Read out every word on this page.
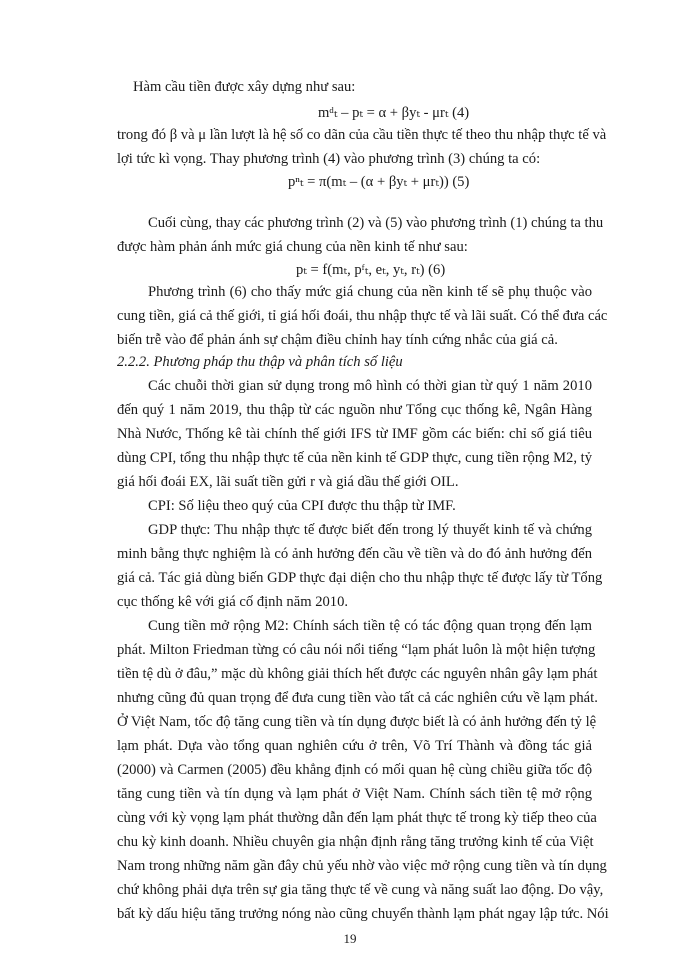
Hàm cầu tiền được xây dựng như sau:
mᵈₜ – pₜ = α + βyₜ - μrₜ (4)
trong đó β và μ lần lượt là hệ số co dãn của cầu tiền thực tế theo thu nhập thực tế và
lợi tức kì vọng. Thay phương trình (4) vào phương trình (3) chúng ta có:
pⁿₜ = π(mₜ – (α + βyₜ + μrₜ)) (5)
Cuối cùng, thay các phương trình (2) và (5) vào phương trình (1) chúng ta thu
được hàm phản ánh mức giá chung của nền kinh tế như sau:
pₜ = f(mₜ, pᶠₜ, eₜ, yₜ, rₜ) (6)
Phương trình (6) cho thấy mức giá chung của nền kinh tế sẽ phụ thuộc vào
cung tiền, giá cả thế giới, tỉ giá hối đoái, thu nhập thực tế và lãi suất. Có thể đưa các
biến trễ vào để phản ánh sự chậm điều chỉnh hay tính cứng nhắc của giá cả.
2.2.2. Phương pháp thu thập và phân tích số liệu
Các chuỗi thời gian sử dụng trong mô hình có thời gian từ quý 1 năm 2010
đến quý 1 năm 2019, thu thập từ các nguồn như Tổng cục thống kê, Ngân Hàng
Nhà Nước, Thống kê tài chính thế giới IFS từ IMF gồm các biến: chỉ số giá tiêu
dùng CPI, tổng thu nhập thực tế của nền kinh tế GDP thực, cung tiền rộng M2, tỷ
giá hối đoái EX, lãi suất tiền gửi r và giá dầu thế giới OIL.
CPI: Số liệu theo quý của CPI được thu thập từ IMF.
GDP thực: Thu nhập thực tế được biết đến trong lý thuyết kinh tế và chứng
minh bằng thực nghiệm là có ảnh hưởng đến cầu về tiền và do đó ảnh hưởng đến
giá cả. Tác giả dùng biến GDP thực đại diện cho thu nhập thực tế được lấy từ Tổng
cục thống kê với giá cố định năm 2010.
Cung tiền mở rộng M2: Chính sách tiền tệ có tác động quan trọng đến lạm
phát. Milton Friedman từng có câu nói nổi tiếng “lạm phát luôn là một hiện tượng
tiền tệ dù ở đâu,” mặc dù không giải thích hết được các nguyên nhân gây lạm phát
nhưng cũng đủ quan trọng để đưa cung tiền vào tất cả các nghiên cứu về lạm phát.
Ở Việt Nam, tốc độ tăng cung tiền và tín dụng được biết là có ảnh hưởng đến tỷ lệ
lạm phát. Dựa vào tổng quan nghiên cứu ở trên, Võ Trí Thành và đồng tác giả
(2000) và Carmen (2005) đều khẳng định có mối quan hệ cùng chiều giữa tốc độ
tăng cung tiền và tín dụng và lạm phát ở Việt Nam. Chính sách tiền tệ mở rộng
cùng với kỳ vọng lạm phát thường dẫn đến lạm phát thực tế trong kỳ tiếp theo của
chu kỳ kinh doanh. Nhiều chuyên gia nhận định rằng tăng trưởng kinh tế của Việt
Nam trong những năm gần đây chủ yếu nhờ vào việc mở rộng cung tiền và tín dụng
chứ không phải dựa trên sự gia tăng thực tế về cung và năng suất lao động. Do vậy,
bất kỳ dấu hiệu tăng trưởng nóng nào cũng chuyển thành lạm phát ngay lập tức. Nói
19
